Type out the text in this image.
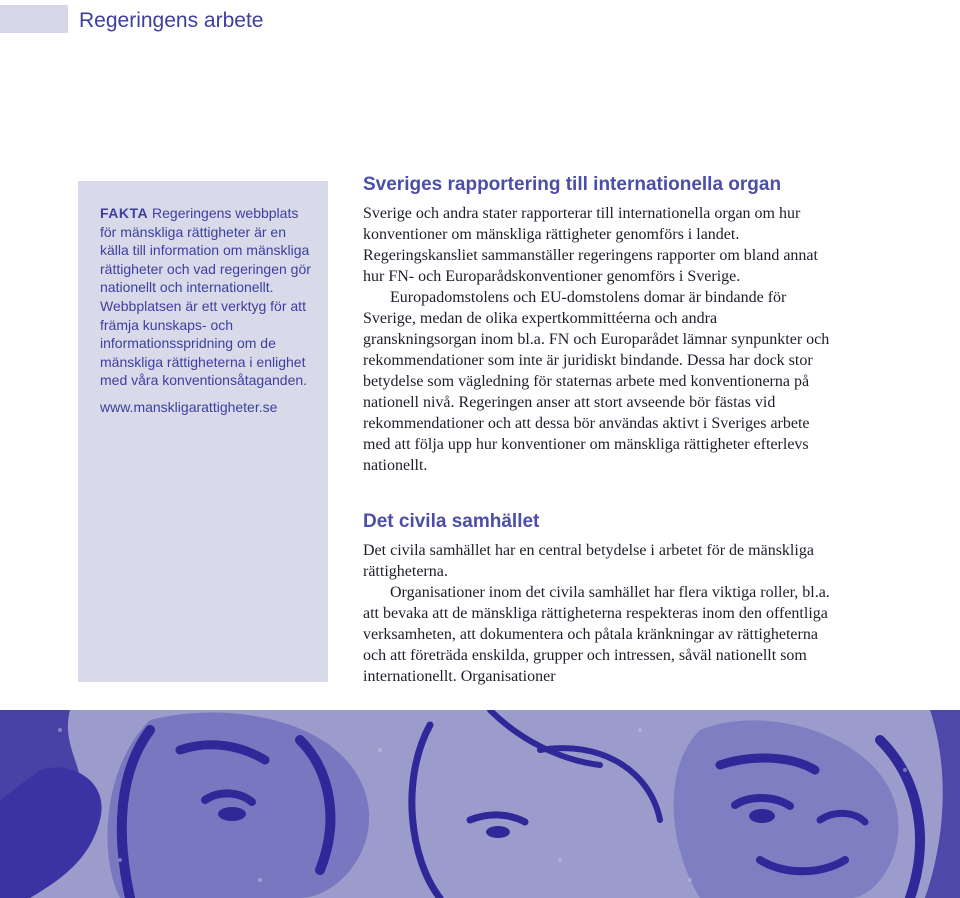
Regeringens arbete
FAKTA Regeringens webbplats för mänskliga rättigheter är en källa till information om mänskliga rättigheter och vad regeringen gör nationellt och internationellt. Webbplatsen är ett verktyg för att främja kunskaps- och informationsspridning om de mänskliga rättigheterna i enlighet med våra konventionsåtaganden.
www.manskligarattigheter.se
Sveriges rapportering till internationella organ

Sverige och andra stater rapporterar till internationella organ om hur konventioner om mänskliga rättigheter genomförs i landet. Regeringskansliet sammanställer regeringens rapporter om bland annat hur FN- och Europarådskonventioner genomförs i Sverige.

Europadomstolens och EU-domstolens domar är bindande för Sverige, medan de olika expertkommittéerna och andra granskningsorgan inom bl.a. FN och Europarådet lämnar synpunkter och rekommendationer som inte är juridiskt bindande. Dessa har dock stor betydelse som vägledning för staternas arbete med konventionerna på nationell nivå. Regeringen anser att stort avseende bör fästas vid rekommendationer och att dessa bör användas aktivt i Sveriges arbete med att följa upp hur konventioner om mänskliga rättigheter efterlevs nationellt.

Det civila samhället

Det civila samhället har en central betydelse i arbetet för de mänskliga rättigheterna.

Organisationer inom det civila samhället har flera viktiga roller, bl.a. att bevaka att de mänskliga rättigheterna respekteras inom den offentliga verksamheten, att dokumentera och påtala kränkningar av rättigheterna och att företräda enskilda, grupper och intressen, såväl nationellt som internationellt. Organisationer
